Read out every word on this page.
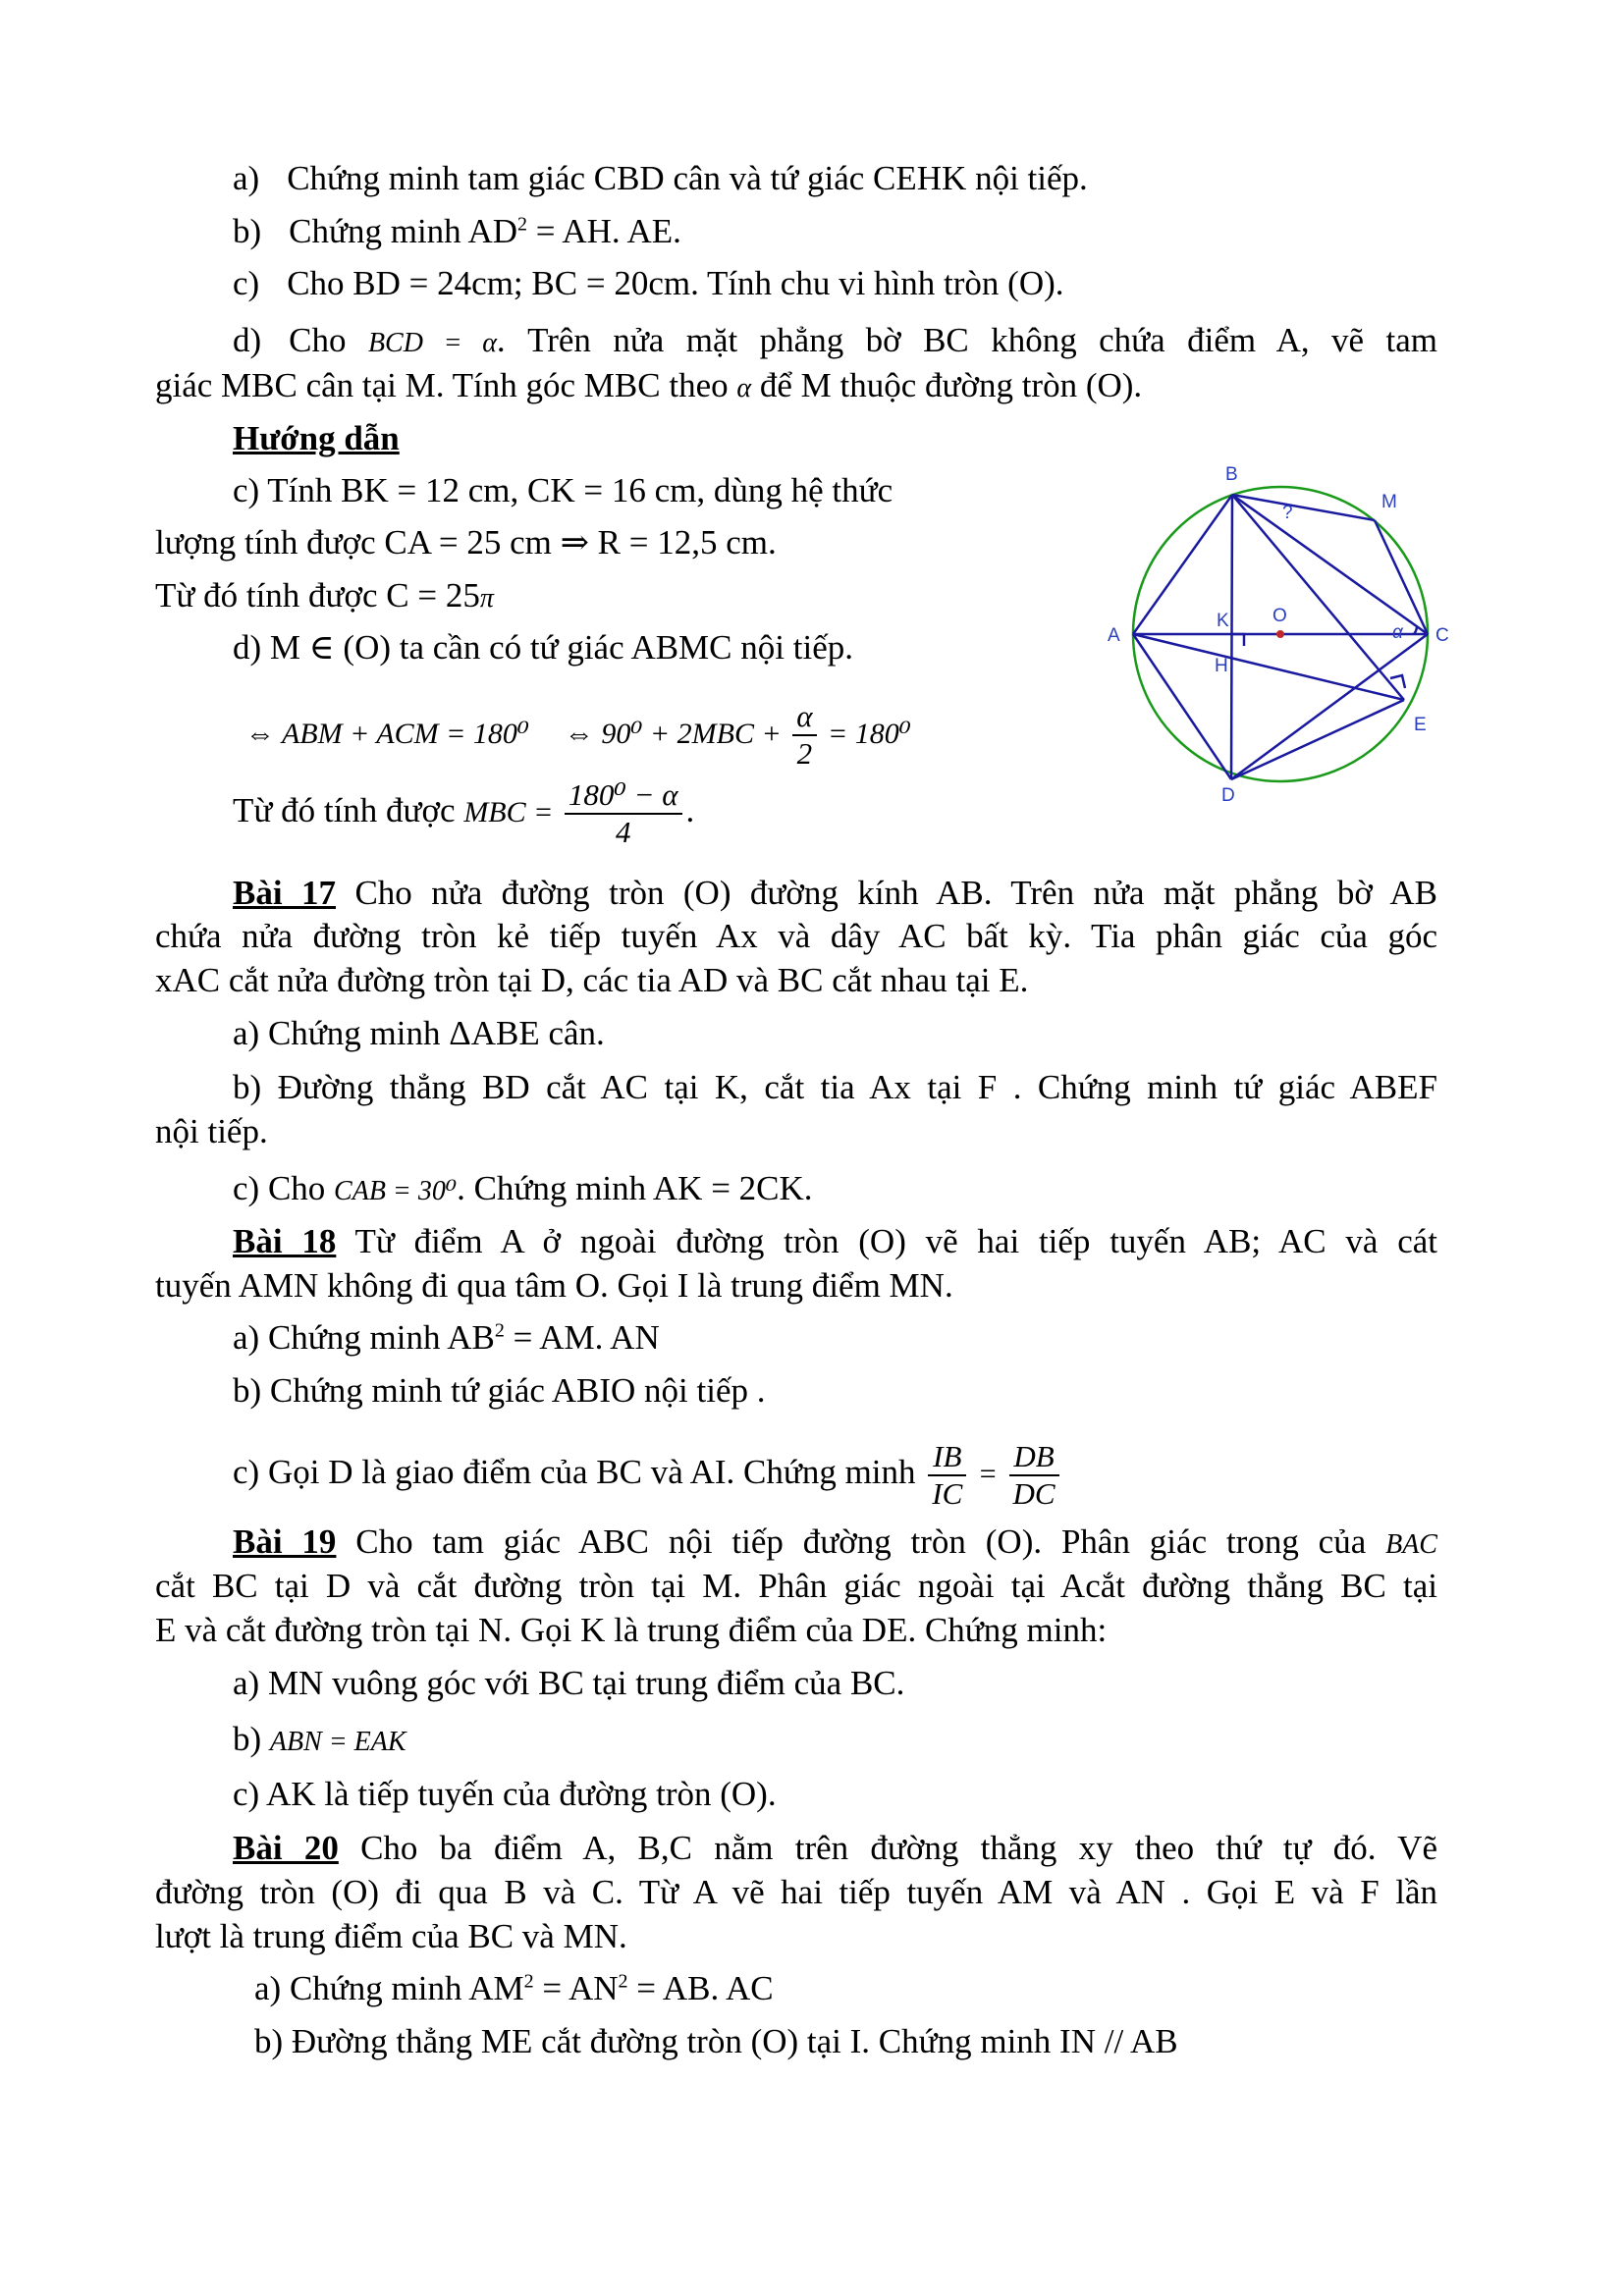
a) Chứng minh tam giác CBD cân và tứ giác CEHK nội tiếp.
b) Chứng minh $AD^2$ = AH. AE.
c) Cho BD = 24cm; BC = 20cm. Tính chu vi hình tròn (O).
d) Cho BCD = α. Trên nửa mặt phẳng bờ BC không chứa điểm A, vẽ tam
giác MBC cân tại M. Tính góc MBC theo α để M thuộc đường tròn (O).
Hướng dẫn
c) Tính BK = 12 cm, CK = 16 cm, dùng hệ thức
lượng tính được CA = 25 cm ⇒ R = 12,5 cm.
Từ đó tính được C = 25π
d) M ∈ (O) ta cần có tứ giác ABMC nội tiếp.
⇔ ABM + ACM = 180⁰ ⇔ $90^0 + 2MBC + \frac{\alpha}{2} = 180^0$
Từ đó tính được MBC = $\frac{\text{180⁰ − α}}{4}$ .
B
M
A	C
O
K
H
D
E
α
?
Bài 17 Cho nửa đường tròn (O) đường kính AB. Trên nửa mặt phẳng bờ AB
chứa nửa đường tròn kẻ tiếp tuyến Ax và dây AC bất kỳ. Tia phân giác của góc
xAC cắt nửa đường tròn tại D, các tia AD và BC cắt nhau tại E.
a) Chứng minh ΔABE cân.
b) Đường thẳng BD cắt AC tại K, cắt tia Ax tại F . Chứng minh tứ giác ABEF
nội tiếp.
c) Cho CAB = 30⁰. Chứng minh AK = 2CK.
Bài 18 Từ điểm A ở ngoài đường tròn (O) vẽ hai tiếp tuyến AB; AC và cát
tuyến AMN không đi qua tâm O. Gọi I là trung điểm MN.
a) Chứng minh $AB^2$ = AM. AN
b) Chứng minh tứ giác ABIO nội tiếp .
c) Gọi D là giao điểm của BC và AI. Chứng minh $\frac{IB}{IC} = \frac{DB}{DC}$
Bài 19 Cho tam giác ABC nội tiếp đường tròn (O). Phân giác trong của BAC
cắt BC tại D và cắt đường tròn tại M. Phân giác ngoài tại Acắt đường thẳng BC tại
E và cắt đường tròn tại N. Gọi K là trung điểm của DE. Chứng minh:
a) MN vuông góc với BC tại trung điểm của BC.
b) ABN = EAK
c) AK là tiếp tuyến của đường tròn (O).
Bài 20 Cho ba điểm A, B,C nằm trên đường thẳng xy theo thứ tự đó. Vẽ
đường tròn (O) đi qua B và C. Từ A vẽ hai tiếp tuyến AM và AN . Gọi E và F lần
lượt là trung điểm của BC và MN.
a) Chứng minh $AM^2 = AN^2$ = AB. AC
b) Đường thẳng ME cắt đường tròn (O) tại I. Chứng minh IN // AB
